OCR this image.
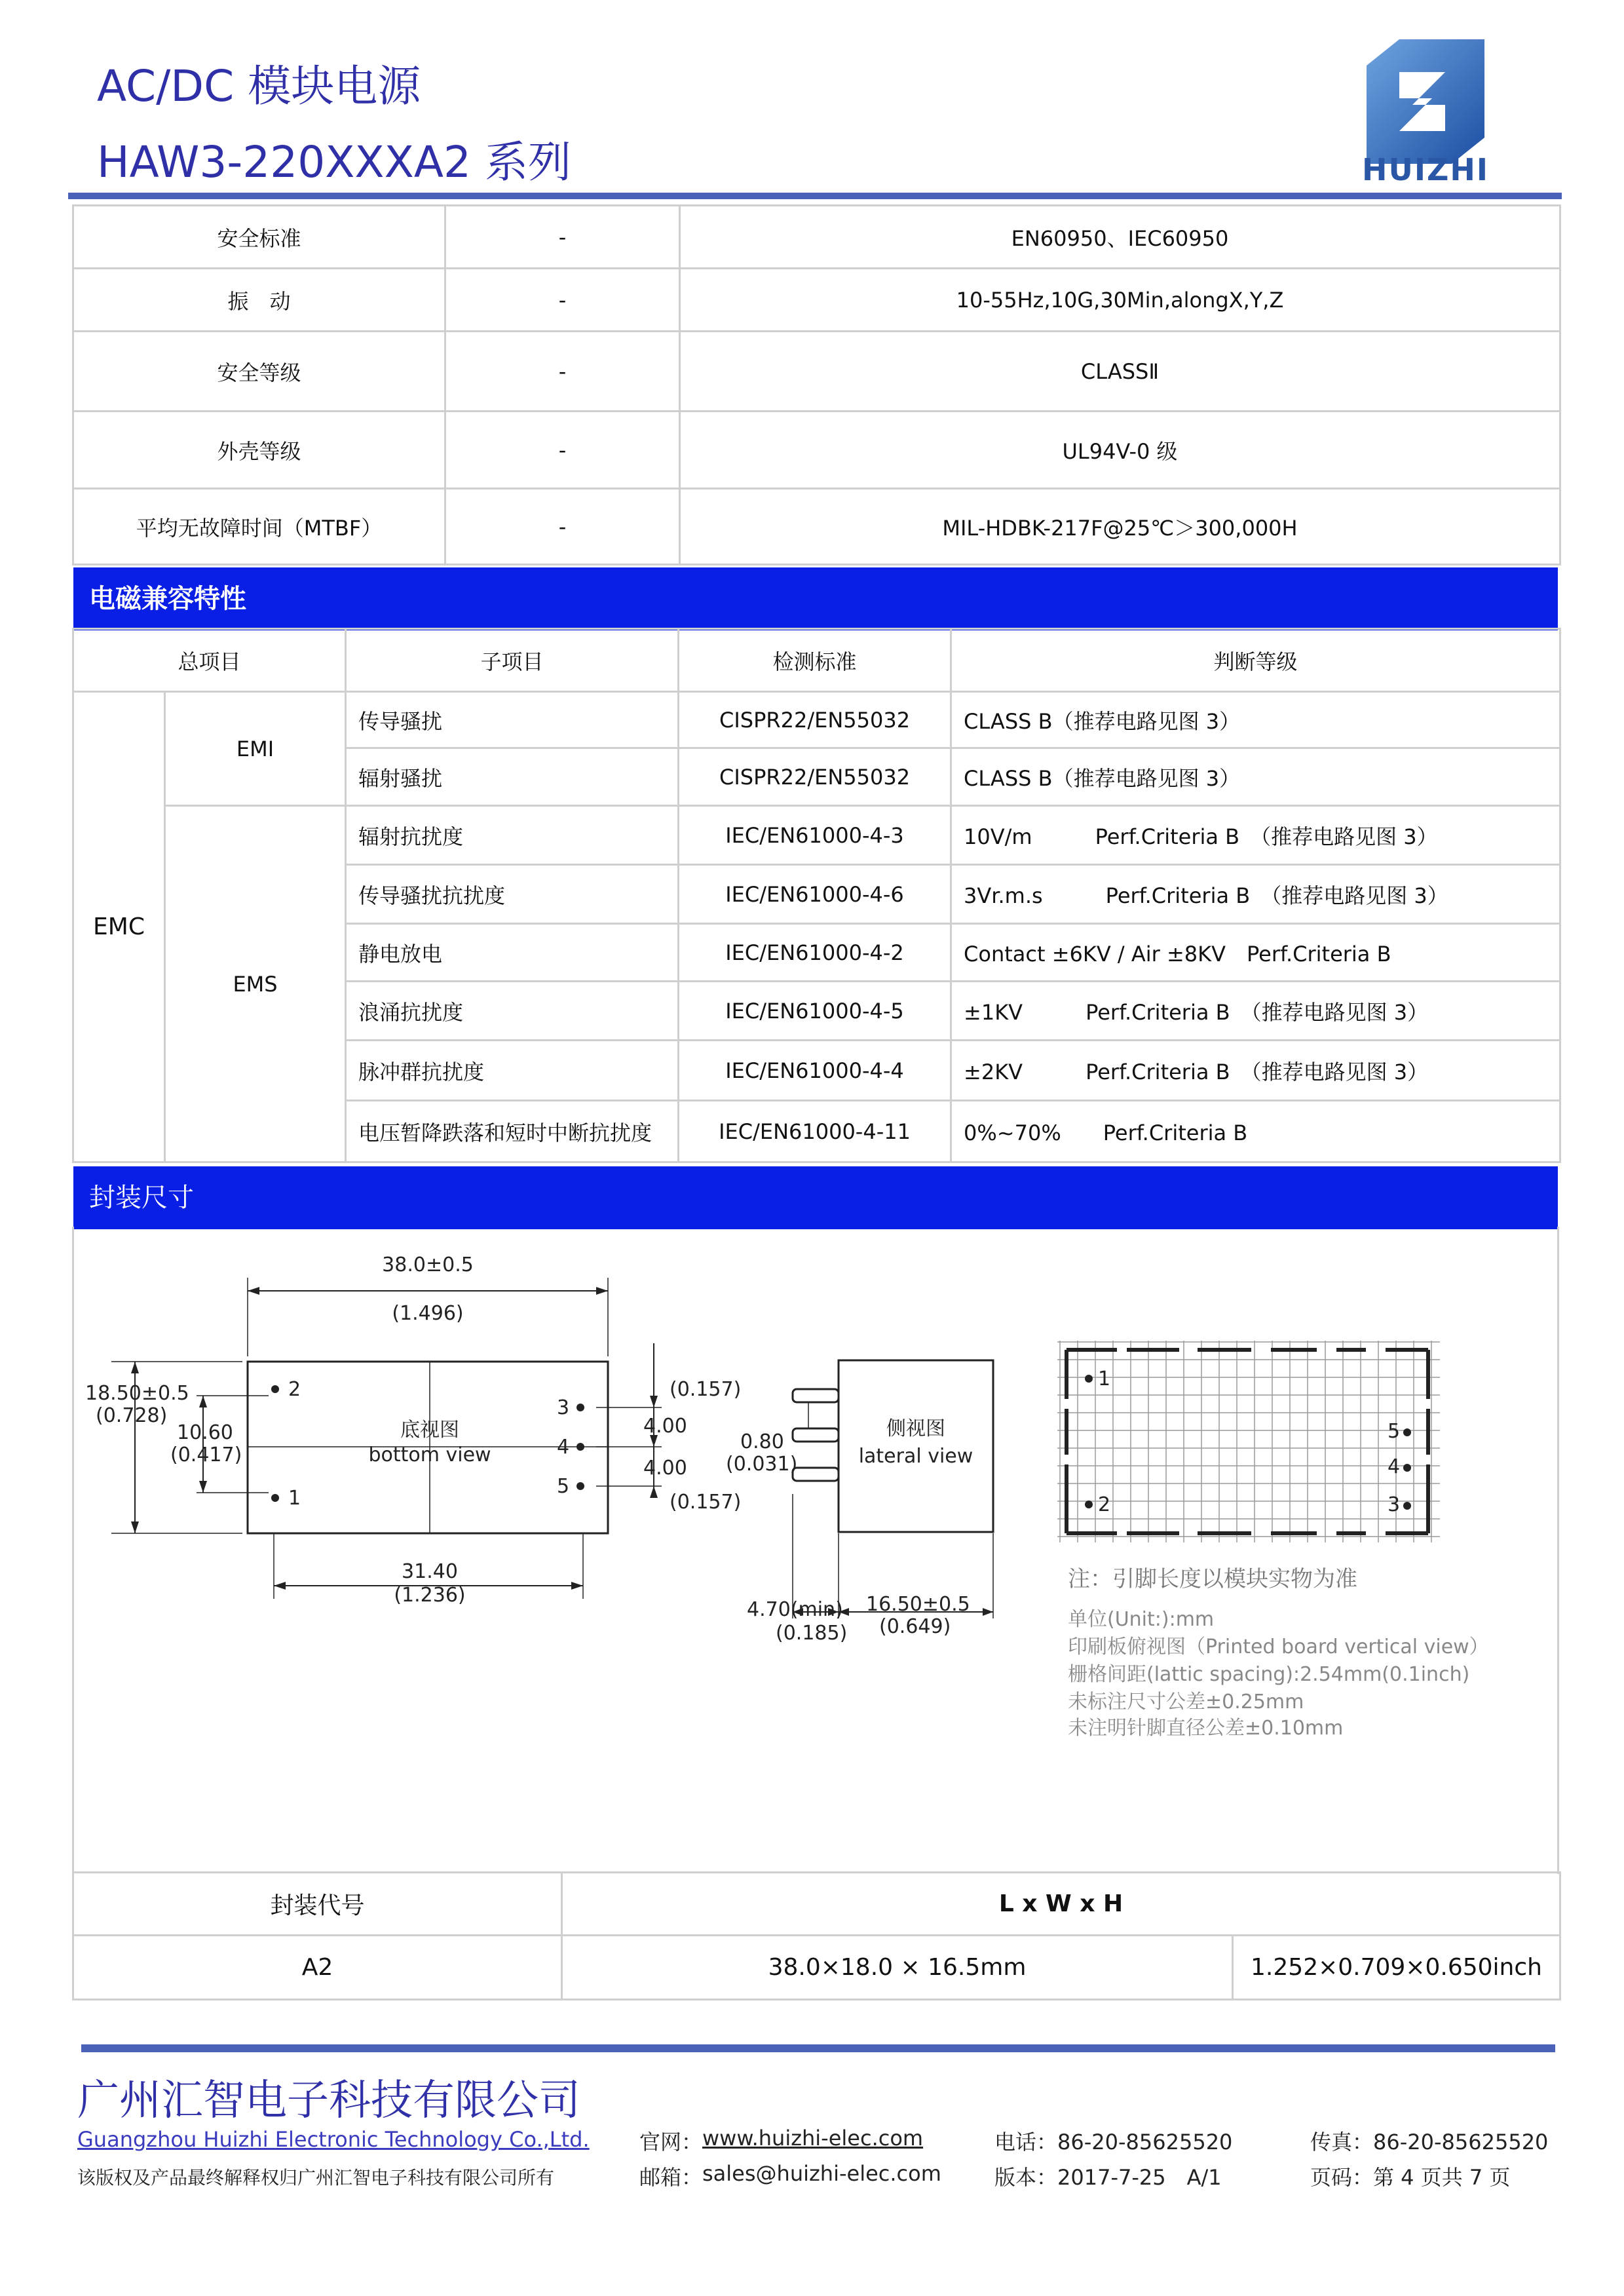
AC/DC 模块电源
HAW3-220XXXA2 系列	HUIZHI
安全标准	-	EN60950、IEC60950
振　动	-	10-55Hz,10G,30Min,alongX,Y,Z
安全等级	-	CLASSⅡ
外壳等级	-	UL94V-0 级
平均无故障时间（MTBF）	-	MIL-HDBK-217F@25℃＞300,000H
电磁兼容特性
总项目		子项目	检测标准	判断等级
EMC	EMI	传导骚扰	CISPR22/EN55032	CLASS B（推荐电路见图 3）
		辐射骚扰	CISPR22/EN55032	CLASS B（推荐电路见图 3）
	EMS	辐射抗扰度	IEC/EN61000-4-3	10V/m　　　Perf.Criteria B　（推荐电路见图 3）
		传导骚扰抗扰度	IEC/EN61000-4-6	3Vr.m.s　　　Perf.Criteria B　（推荐电路见图 3）
		静电放电	IEC/EN61000-4-2	Contact ±6KV / Air ±8KV　Perf.Criteria B
		浪涌抗扰度	IEC/EN61000-4-5	±1KV　　　Perf.Criteria B　（推荐电路见图 3）
		脉冲群抗扰度	IEC/EN61000-4-4	±2KV　　　Perf.Criteria B　（推荐电路见图 3）
		电压暂降跌落和短时中断抗扰度	IEC/EN61000-4-11	0%~70%　　Perf.Criteria B
封装尺寸
38.0±0.5
(1.496)
18.50±0.5
(0.728)
10.60
(0.417)
31.40
(1.236)
(0.157)
4.00
4.00
(0.157)
底视图
bottom view
1
2
3
4
5
侧视图
lateral view
0.80
(0.031)
4.70(min)
(0.185)
16.50±0.5
(0.649)
1
2	3
4
5
注：引脚长度以模块实物为准
单位(Unit:):mm
印刷板俯视图（Printed board vertical view）
栅格间距(lattic spacing):2.54mm(0.1inch)
未标注尺寸公差±0.25mm
未注明针脚直径公差±0.10mm
封装代号	L x W x H	
A2	38.0×18.0 × 16.5mm	1.252×0.709×0.650inch
广州汇智电子科技有限公司
Guangzhou Huizhi Electronic Technology Co.,Ltd.
该版权及产品最终解释权归广州汇智电子科技有限公司所有
官网： www.huizhi-elec.com
邮箱： sales@huizhi-elec.com
电话：86-20-85625520
版本：2017-7-25　A/1
传真：86-20-85625520
页码：第 4 页共 7 页
